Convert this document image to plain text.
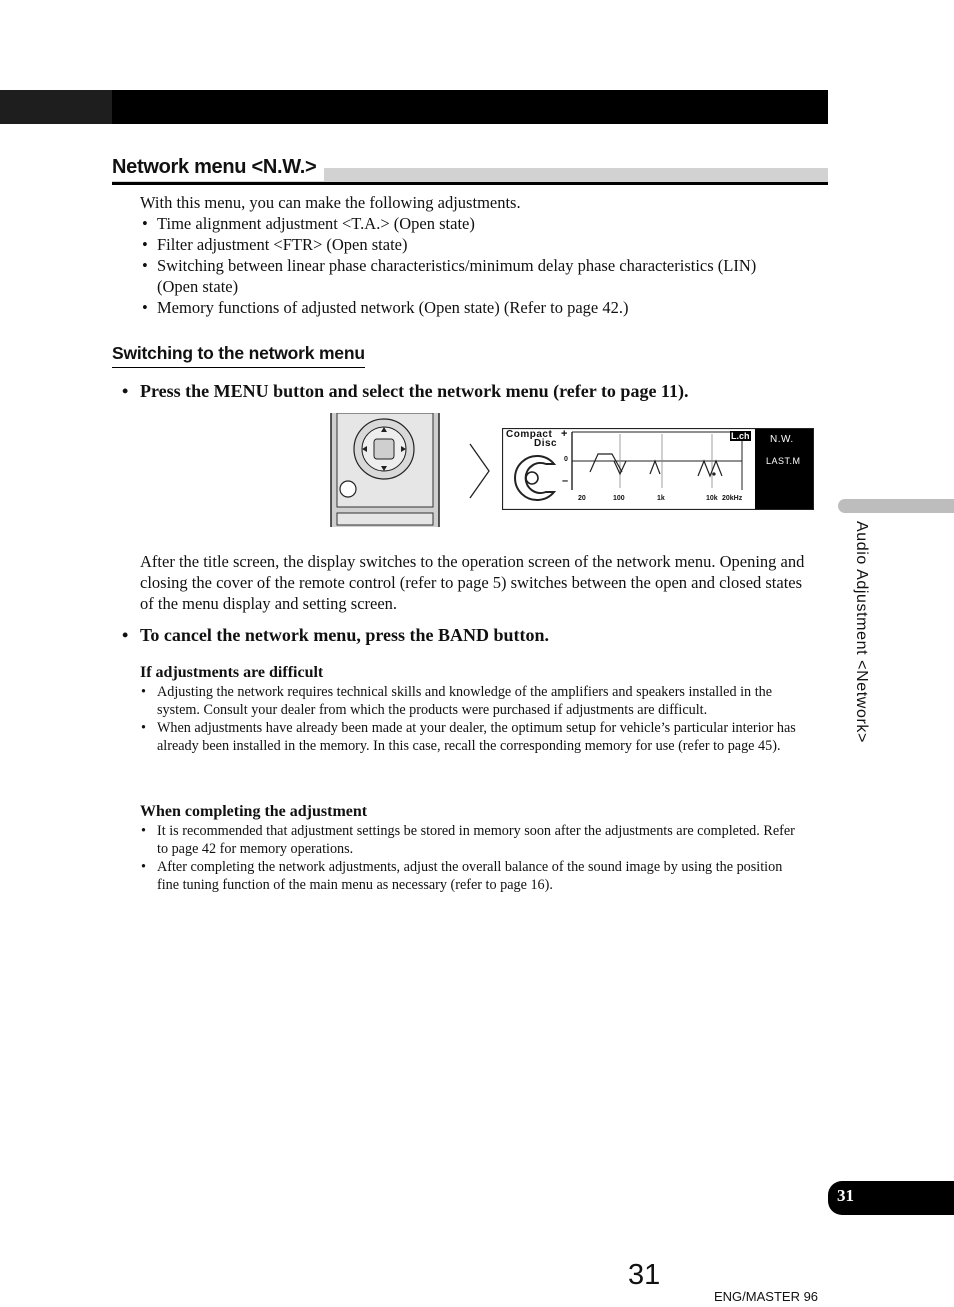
Network menu <N.W.>
With this menu, you can make the following adjustments.
• Time alignment adjustment <T.A.> (Open state)
• Filter adjustment <FTR> (Open state)
• Switching between linear phase characteristics/minimum delay phase characteristics (LIN) (Open state)
• Memory functions of adjusted network (Open state) (Refer to page 42.)
Switching to the network menu
• Press the MENU button and select the network menu (refer to page 11).
Compact
Disc
+
0
–
L.ch N.W.
LAST.M
20	100	1k	10k 20kHz
After the title screen, the display switches to the operation screen of the network menu. Opening and closing the cover of the remote control (refer to page 5) switches between the open and closed states of the menu display and setting screen.
• To cancel the network menu, press the BAND button.
If adjustments are difficult
• Adjusting the network requires technical skills and knowledge of the amplifiers and speakers installed in the system. Consult your dealer from which the products were purchased if adjustments are difficult.
• When adjustments have already been made at your dealer, the optimum setup for vehicle’s particular interior has already been installed in the memory. In this case, recall the corresponding memory for use (refer to page 45).
When completing the adjustment
• It is recommended that adjustment settings be stored in memory soon after the adjustments are completed. Refer to page 42 for memory operations.
• After completing the network adjustments, adjust the overall balance of the sound image by using the position fine tuning function of the main menu as necessary (refer to page 16).
Audio Adjustment <Network>
31
31
ENG/MASTER 96
